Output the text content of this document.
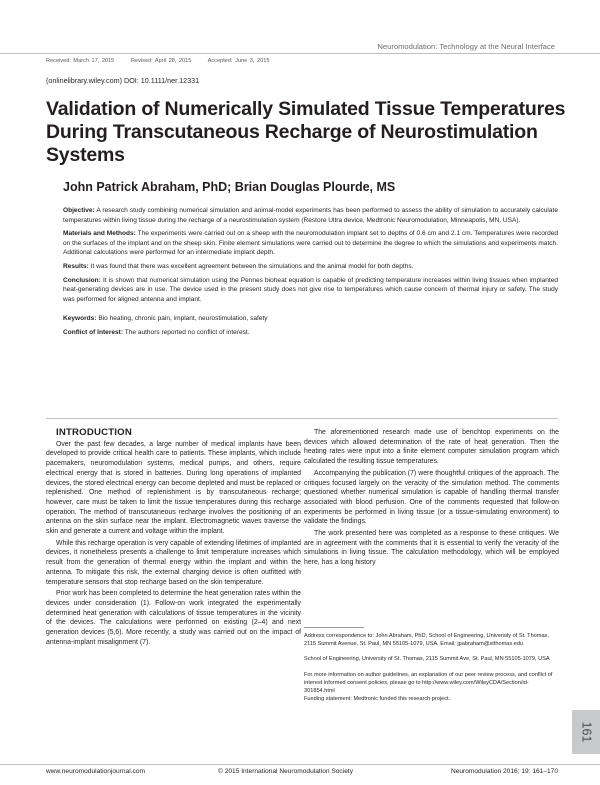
Neuromodulation: Technology at the Neural Interface
Received: March 17, 2015	Revised: April 28, 2015	Accepted: June 3, 2015
(onlinelibrary.wiley.com) DOI: 10.1111/ner.12331
Validation of Numerically Simulated Tissue Temperatures During Transcutaneous Recharge of Neurostimulation Systems
John Patrick Abraham, PhD; Brian Douglas Plourde, MS

Objective: A research study combining numerical simulation and animal-model experiments has been performed to assess the ability of simulation to accurately calculate temperatures within living tissue during the recharge of a neurostimulation system (Restore Ultra device, Medtronic Neuromodulation, Minneapolis, MN, USA).

Materials and Methods: The experiments were carried out on a sheep with the neuromodulation implant set to depths of 0.6 cm and 2.1 cm. Temperatures were recorded on the surfaces of the implant and on the sheep skin. Finite element simulations were carried out to determine the degree to which the simulations and experiments match. Additional calculations were performed for an intermediate implant depth.

Results: It was found that there was excellent agreement between the simulations and the animal model for both depths.

Conclusion: It is shown that numerical simulation using the Pennes bioheat equation is capable of predicting temperature increases within living tissues when implanted heat-generating devices are in use. The device used in the present study does not give rise to temperatures which cause concern of thermal injury or safety. The study was performed for aligned antenna and implant.

Keywords: Bio heating, chronic pain, implant, neurostimulation, safety

Conflict of Interest: The authors reported no conflict of interest.

INTRODUCTION

Over the past few decades, a large number of medical implants have been developed to provide critical health care to patients. These implants, which include pacemakers, neuromodulation systems, medical pumps, and others, require electrical energy that is stored in batteries. During long operations of implanted devices, the stored electrical energy can become depleted and must be replaced or replenished. One method of replenishment is by transcutaneous recharge; however, care must be taken to limit the tissue temperatures during this recharge operation. The method of transcutaneous recharge involves the positioning of an antenna on the skin surface near the implant. Electromagnetic waves traverse the skin and generate a current and voltage within the implant.

While this recharge operation is very capable of extending lifetimes of implanted devices, it nonetheless presents a challenge to limit temperature increases which result from the generation of thermal energy within the implant and within the antenna. To mitigate this risk, the external charging device is often outfitted with temperature sensors that stop recharge based on the skin temperature.

Prior work has been completed to determine the heat generation rates within the devices under consideration (1). Follow-on work integrated the experimentally determined heat generation with calculations of tissue temperatures in the vicinity of the devices. The calculations were performed on existing (2–4) and next generation devices (5,6). More recently, a study was carried out on the impact of antenna-implant misalignment (7).

The aforementioned research made use of benchtop experiments on the devices which allowed determination of the rate of heat generation. Then the heating rates were input into a finite element computer simulation program which calculated the resulting tissue temperatures.

Accompanying the publication (7) were thoughtful critiques of the approach. The critiques focused largely on the veracity of the simulation method. The comments questioned whether numerical simulation is capable of handling thermal transfer associated with blood perfusion. One of the comments requested that follow-on experiments be performed in living tissue (or a tissue-simulating environment) to validate the findings.

The work presented here was completed as a response to these critiques. We are in agreement with the comments that it is essential to verify the veracity of the simulations in living tissue. The calculation methodology, which will be employed here, has a long history

Address correspondence to: John Abraham, PhD, School of Engineering, University of St. Thomas, 2115 Summit Avenue, St. Paul, MN 55105-1079, USA. Email: jpabraham@stthomas.edu

School of Engineering, University of St. Thomas, 2115 Summit Ave, St. Paul, MN 55105-1079, USA

For more information on author guidelines, an explanation of our peer review process, and conflict of interest informed consent policies, please go to http://www.wiley.com/WileyCDA/Section/id-301854.html

Funding statement: Medtronic funded this research project.

www.neuromodulationjournal.com	© 2015 International Neuromodulation Society	Neuromodulation 2016; 19: 161–170
161
